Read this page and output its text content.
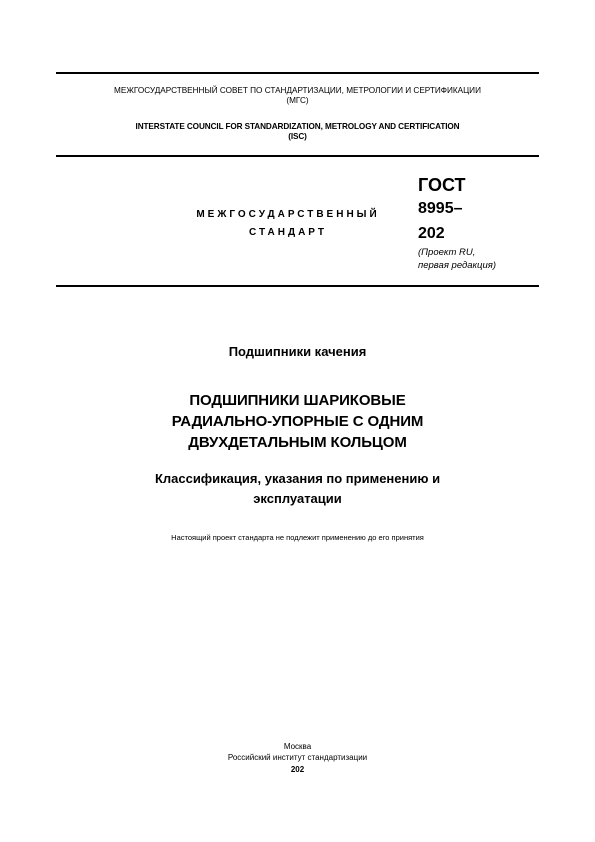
МЕЖГОСУДАРСТВЕННЫЙ СОВЕТ ПО СТАНДАРТИЗАЦИИ, МЕТРОЛОГИИ И СЕРТИФИКАЦИИ
(МГС)
INTERSTATE COUNCIL FOR STANDARDIZATION, METROLOGY AND CERTIFICATION
(ISC)
МЕЖГОСУДАРСТВЕННЫЙ
СТАНДАРТ
ГОСТ
8995–
202
(Проект RU,
первая редакция)
Подшипники качения
ПОДШИПНИКИ ШАРИКОВЫЕ
РАДИАЛЬНО-УПОРНЫЕ С ОДНИМ
ДВУХДЕТАЛЬНЫМ КОЛЬЦОМ
Классификация, указания по применению и
эксплуатации
Настоящий проект стандарта не подлежит применению до его принятия
Москва
Российский институт стандартизации
202
